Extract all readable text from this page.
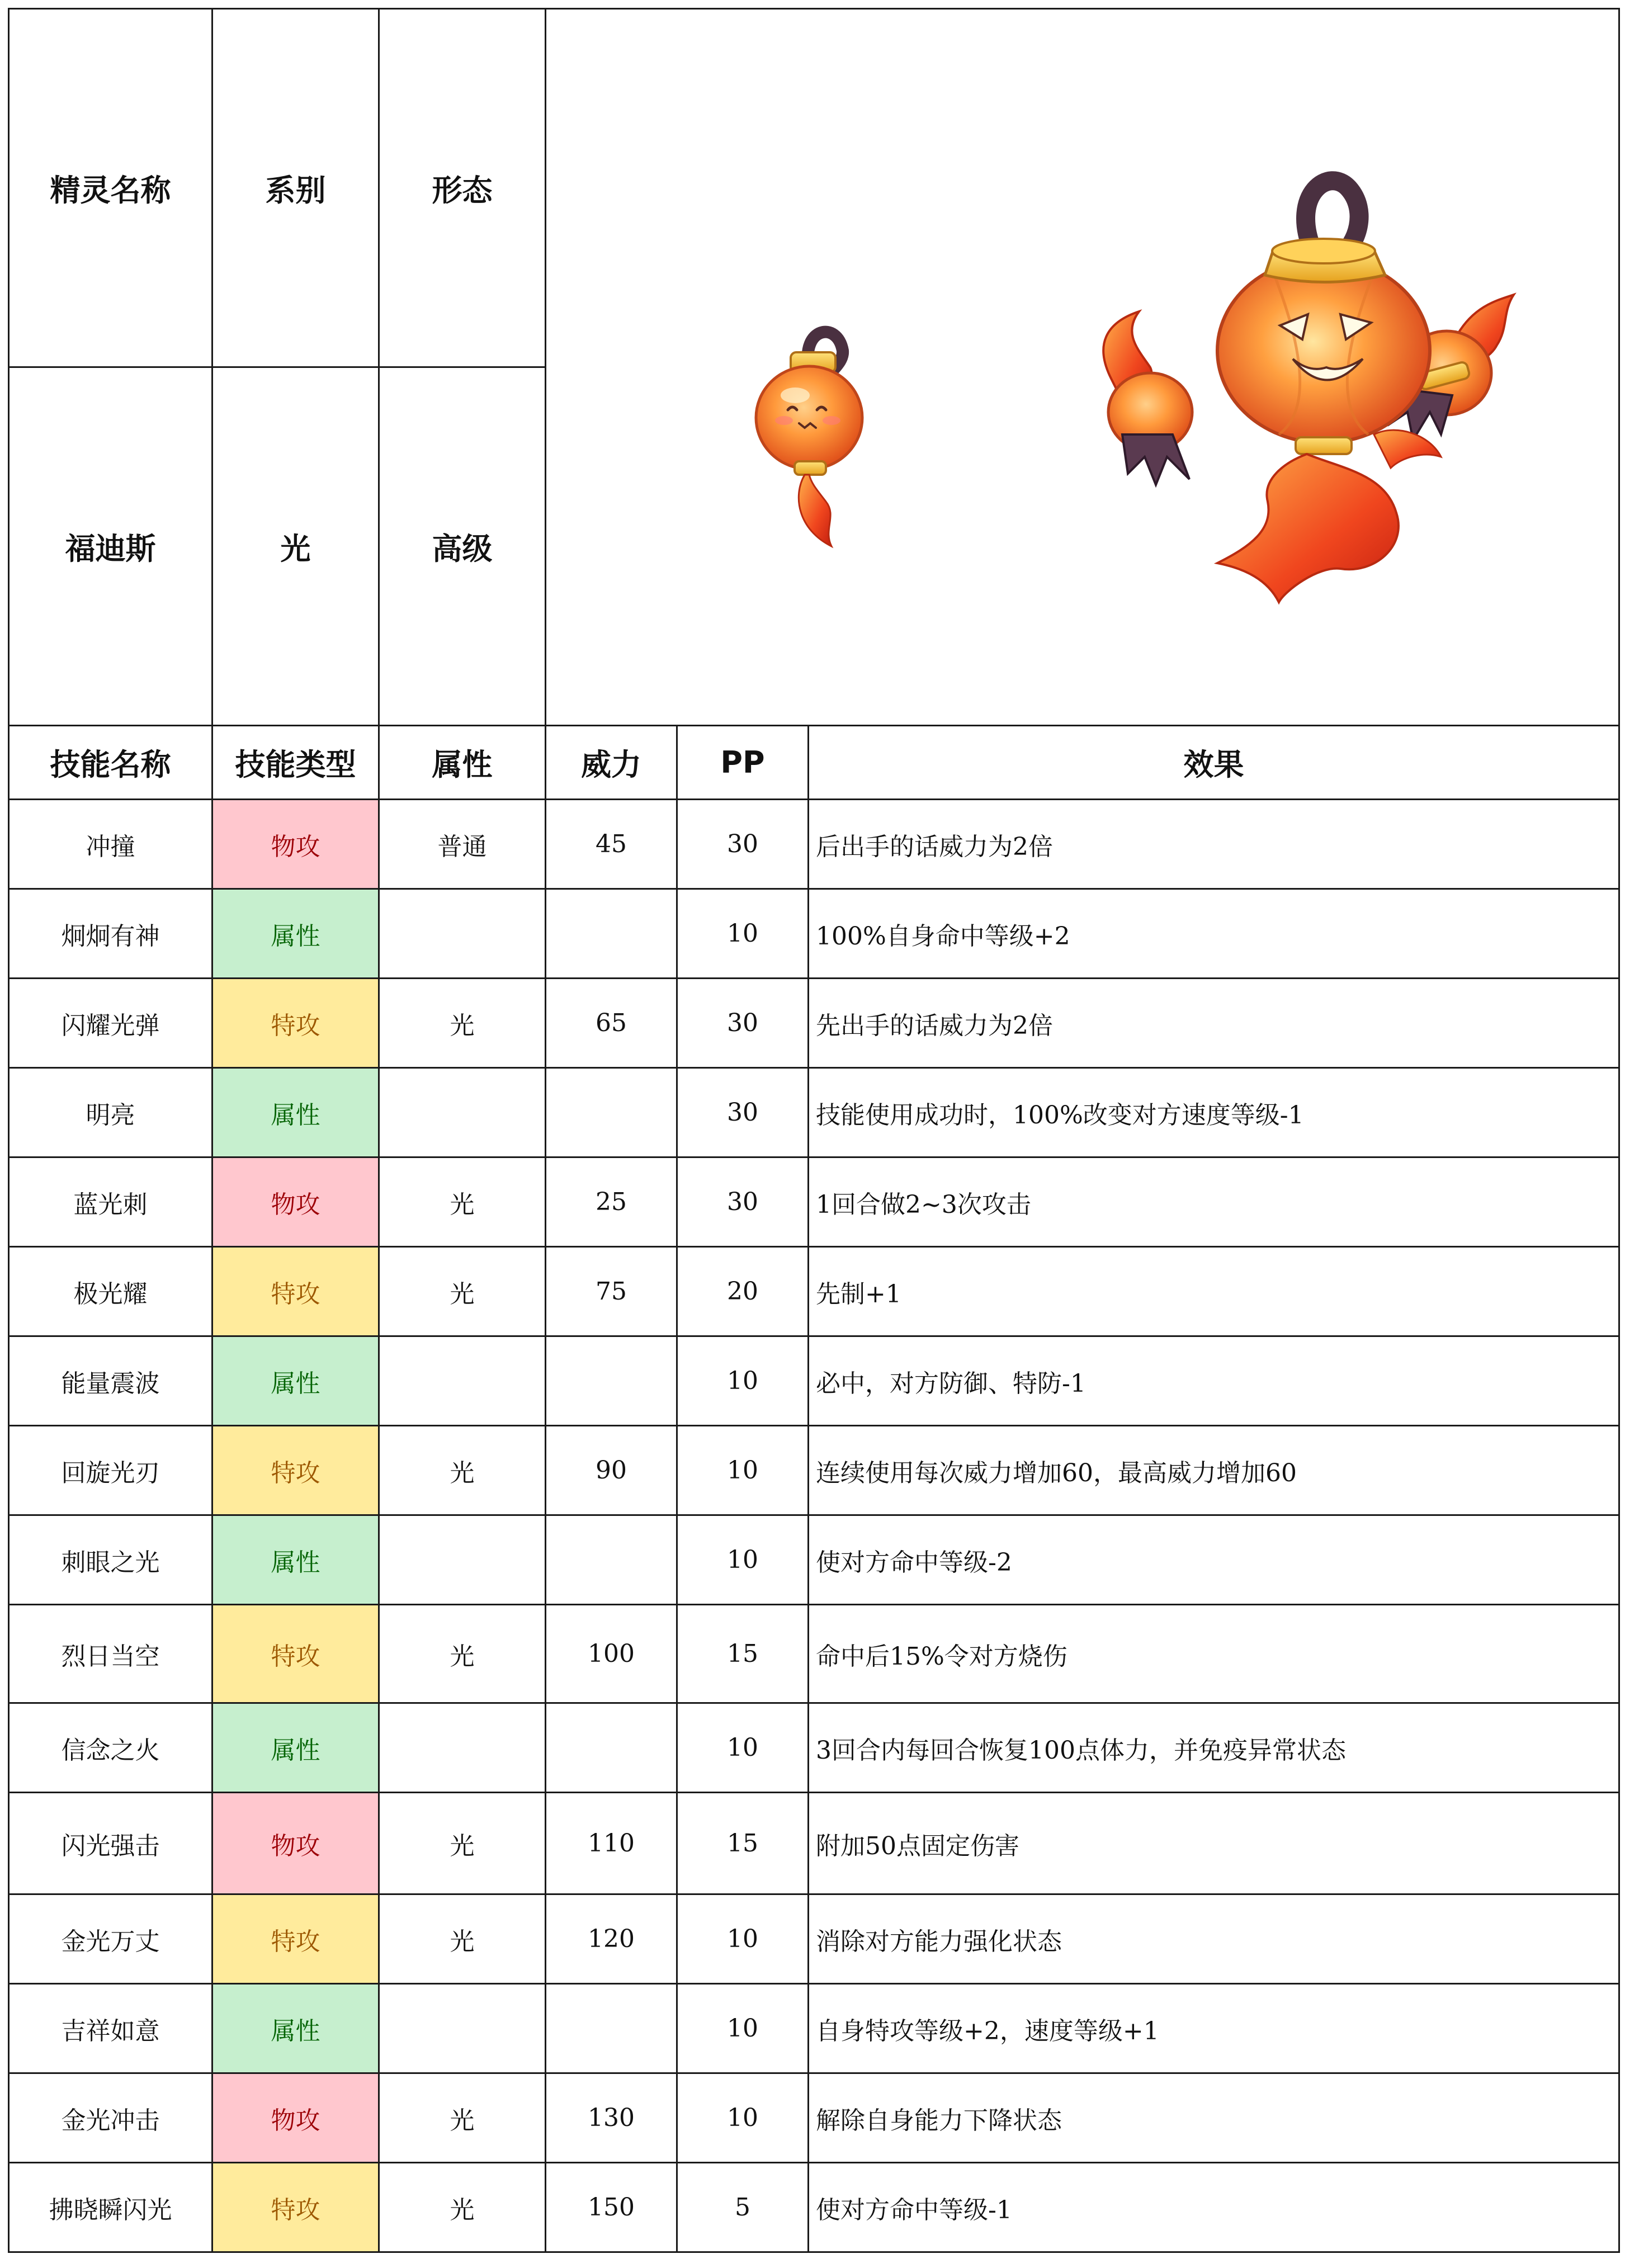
精灵名称	系别	形态	

福迪斯	光	高级			
技能名称	技能类型	属性	威力	PP	效果
冲撞	物攻	普通	45	30	后出手的话威力为2倍
炯炯有神	属性			10	100%自身命中等级+2
闪耀光弹	特攻	光	65	30	先出手的话威力为2倍
明亮	属性			30	技能使用成功时，100%改变对方速度等级-1
蓝光刺	物攻	光	25	30	1回合做2~3次攻击
极光耀	特攻	光	75	20	先制+1
能量震波	属性			10	必中，对方防御、特防-1
回旋光刃	特攻	光	90	10	连续使用每次威力增加60，最高威力增加60
刺眼之光	属性			10	使对方命中等级-2
烈日当空	特攻	光	100	15	命中后15%令对方烧伤
信念之火	属性			10	3回合内每回合恢复100点体力，并免疫异常状态
闪光强击	物攻	光	110	15	附加50点固定伤害
金光万丈	特攻	光	120	10	消除对方能力强化状态
吉祥如意	属性			10	自身特攻等级+2，速度等级+1
金光冲击	物攻	光	130	10	解除自身能力下降状态
拂晓瞬闪光	特攻	光	150	5	使对方命中等级-1
